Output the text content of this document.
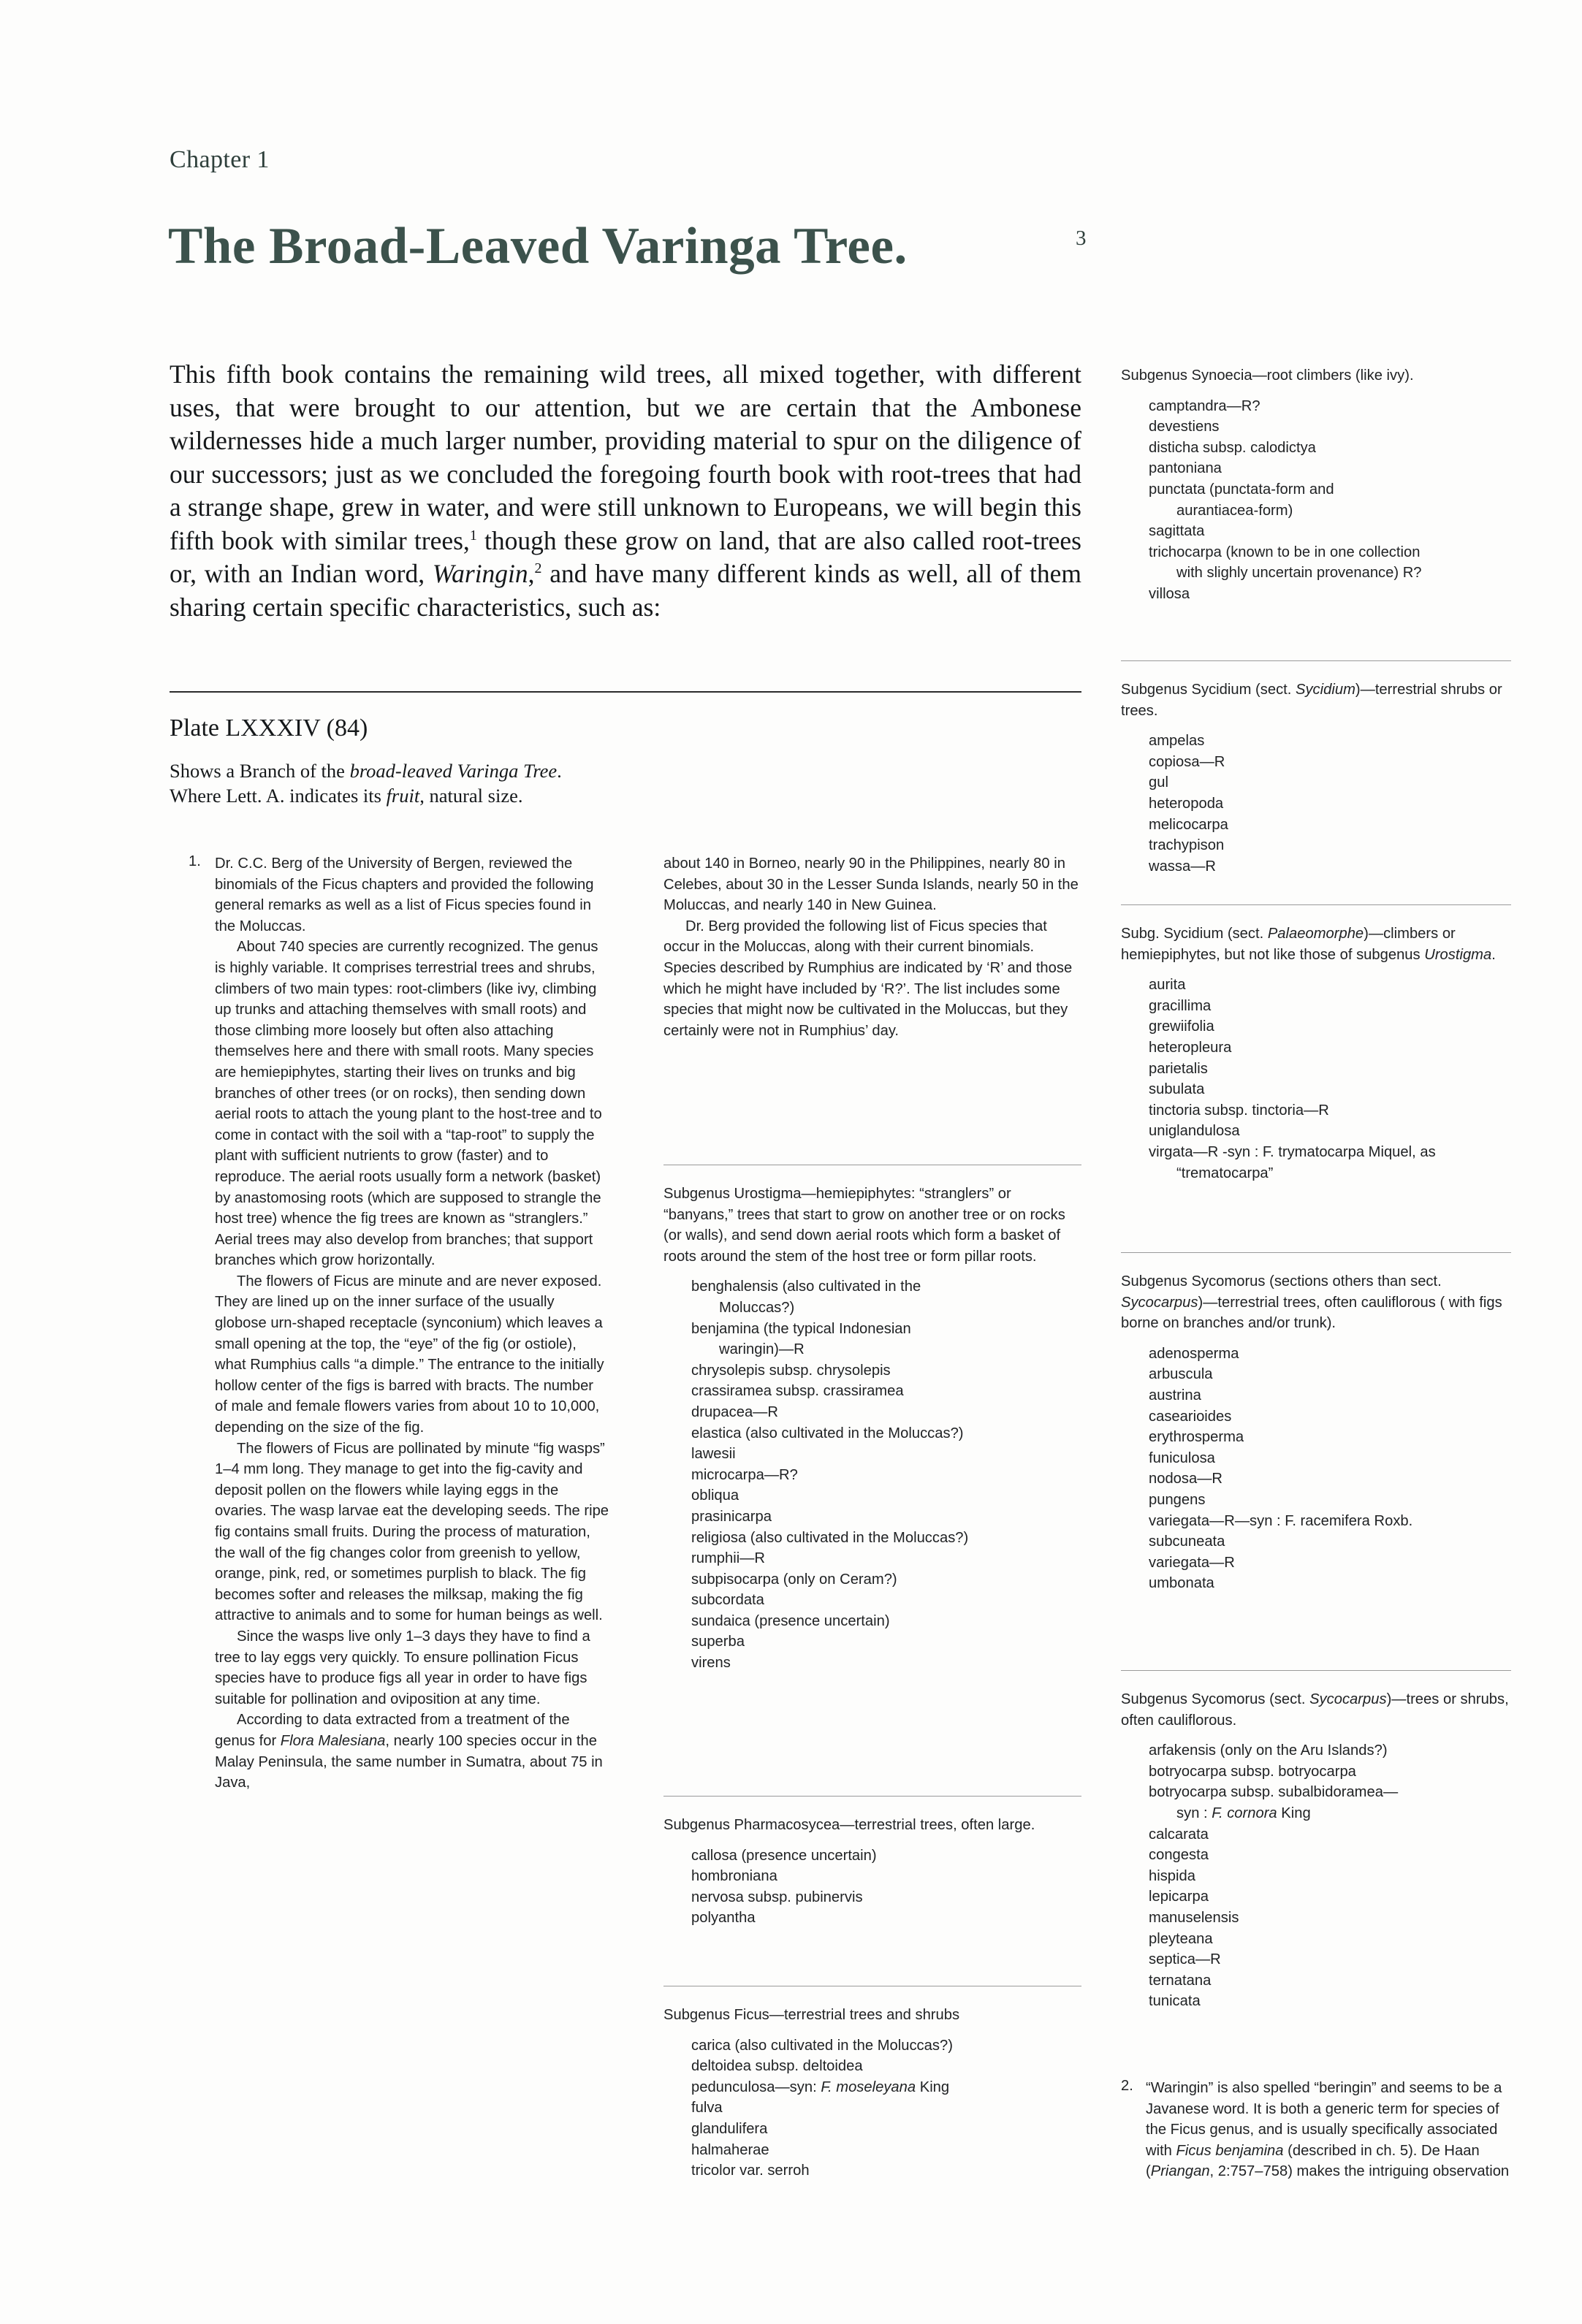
Chapter 1
The Broad-Leaved Varinga Tree.	3
This fifth book contains the remaining wild trees, all mixed together, with different uses, that were brought to our attention, but we are certain that the Ambonese wildernesses hide a much larger number, providing material to spur on the diligence of our successors; just as we concluded the foregoing fourth book with root-trees that had a strange shape, grew in water, and were still unknown to Europeans, we will begin this fifth book with similar trees,$^1$ though these grow on land, that are also called root-trees or, with an Indian word, Waringin,$^2$ and have many different kinds as well, all of them sharing certain specific characteristics, such as:
Plate LXXXIV (84)
Shows a Branch of the broad-leaved Varinga Tree.
Where Lett. A. indicates its fruit, natural size.
1. Dr. C.C. Berg of the University of Bergen, reviewed the binomials of the Ficus chapters and provided the following general remarks as well as a list of Ficus species found in the Moluccas.

About 740 species are currently recognized. The genus is highly variable. It comprises terrestrial trees and shrubs, climbers of two main types: root-climbers (like ivy, climbing up trunks and attaching themselves with small roots) and those climbing more loosely but often also attaching themselves here and there with small roots. Many species are hemiepiphytes, starting their lives on trunks and big branches of other trees (or on rocks), then sending down aerial roots to attach the young plant to the host-tree and to come in contact with the soil with a “tap-root” to supply the plant with sufficient nutrients to grow (faster) and to reproduce. The aerial roots usually form a network (basket) by anastomosing roots (which are supposed to strangle the host tree) whence the fig trees are known as “stranglers.” Aerial trees may also develop from branches; that support branches which grow horizontally.

The flowers of Ficus are minute and are never exposed. They are lined up on the inner surface of the usually globose urn-shaped receptacle (synconium) which leaves a small opening at the top, the “eye” of the fig (or ostiole), what Rumphius calls “a dimple.” The entrance to the initially hollow center of the figs is barred with bracts. The number of male and female flowers varies from about 10 to 10,000, depending on the size of the fig.

The flowers of Ficus are pollinated by minute “fig wasps” 1–4 mm long. They manage to get into the fig-cavity and deposit pollen on the flowers while laying eggs in the ovaries. The wasp larvae eat the developing seeds. The ripe fig contains small fruits. During the process of maturation, the wall of the fig changes color from greenish to yellow, orange, pink, red, or sometimes purplish to black. The fig becomes softer and releases the milksap, making the fig attractive to animals and to some for human beings as well.

Since the wasps live only 1–3 days they have to find a tree to lay eggs very quickly. To ensure pollination Ficus species have to produce figs all year in order to have figs suitable for pollination and oviposition at any time.

According to data extracted from a treatment of the genus for Flora Malesiana, nearly 100 species occur in the Malay Peninsula, the same number in Sumatra, about 75 in Java,

about 140 in Borneo, nearly 90 in the Philippines, nearly 80 in Celebes, about 30 in the Lesser Sunda Islands, nearly 50 in the Moluccas, and nearly 140 in New Guinea.

Dr. Berg provided the following list of Ficus species that occur in the Moluccas, along with their current binomials. Species described by Rumphius are indicated by ‘R’ and those which he might have included by ‘R?’. The list includes some species that might now be cultivated in the Moluccas, but they certainly were not in Rumphius’ day.

Subgenus Urostigma—hemiepiphytes: “stranglers” or “banyans,” trees that start to grow on another tree or on rocks (or walls), and send down aerial roots which form a basket of roots around the stem of the host tree or form pillar roots.

benghalensis (also cultivated in the
Moluccas?)
benjamina (the typical Indonesian
waringin)—R
chrysolepis subsp. chrysolepis
crassiramea subsp. crassiramea
drupacea—R
elastica (also cultivated in the Moluccas?)
lawesii
microcarpa—R?
obliqua
prasinicarpa
religiosa (also cultivated in the Moluccas?)
rumphii—R
subpisocarpa (only on Ceram?)
subcordata
sundaica (presence uncertain)
superba
virens

Subgenus Pharmacosycea—terrestrial trees, often large.

callosa (presence uncertain)
hombroniana
nervosa subsp. pubinervis
polyantha

Subgenus Ficus—terrestrial trees and shrubs

carica (also cultivated in the Moluccas?)
deltoidea subsp. deltoidea
pedunculosa—syn: F. moseleyana King
fulva
glandulifera
halmaherae
tricolor var. serroh

Subgenus Synoecia—root climbers (like ivy).

camptandra—R?
devestiens
disticha subsp. calodictya
pantoniana
punctata (punctata-form and
aurantiacea-form)
sagittata
trichocarpa (known to be in one collection
with slighly uncertain provenance) R?
villosa

Subgenus Sycidium (sect. Sycidium)—terrestrial shrubs or trees.

ampelas
copiosa—R
gul
heteropoda
melicocarpa
trachypison
wassa—R

Subg. Sycidium (sect. Palaeomorphe)—climbers or hemiepiphytes, but not like those of subgenus Urostigma.

aurita
gracillima
grewiifolia
heteropleura
parietalis
subulata
tinctoria subsp. tinctoria—R
uniglandulosa
virgata—R -syn : F. trymatocarpa Miquel, as
“trematocarpa”

Subgenus Sycomorus (sections others than sect. Sycocarpus)—terrestrial trees, often cauliflorous ( with figs borne on branches and/or trunk).

adenosperma
arbuscula
austrina
casearioides
erythrosperma
funiculosa
nodosa—R
pungens
variegata—R—syn : F. racemifera Roxb.
subcuneata
variegata—R
umbonata

Subgenus Sycomorus (sect. Sycocarpus)—trees or shrubs, often cauliflorous.

arfakensis (only on the Aru Islands?)
botryocarpa subsp. botryocarpa
botryocarpa subsp. subalbidoramea—
syn : F. cornora King
calcarata
congesta
hispida
lepicarpa
manuselensis
pleyteana
septica—R
ternatana
tunicata
2. “Waringin” is also spelled “beringin” and seems to be a Javanese word. It is both a generic term for species of the Ficus genus, and is usually specifically associated with Ficus benjamina (described in ch. 5). De Haan (Priangan, 2:757–758) makes the intriguing observation
